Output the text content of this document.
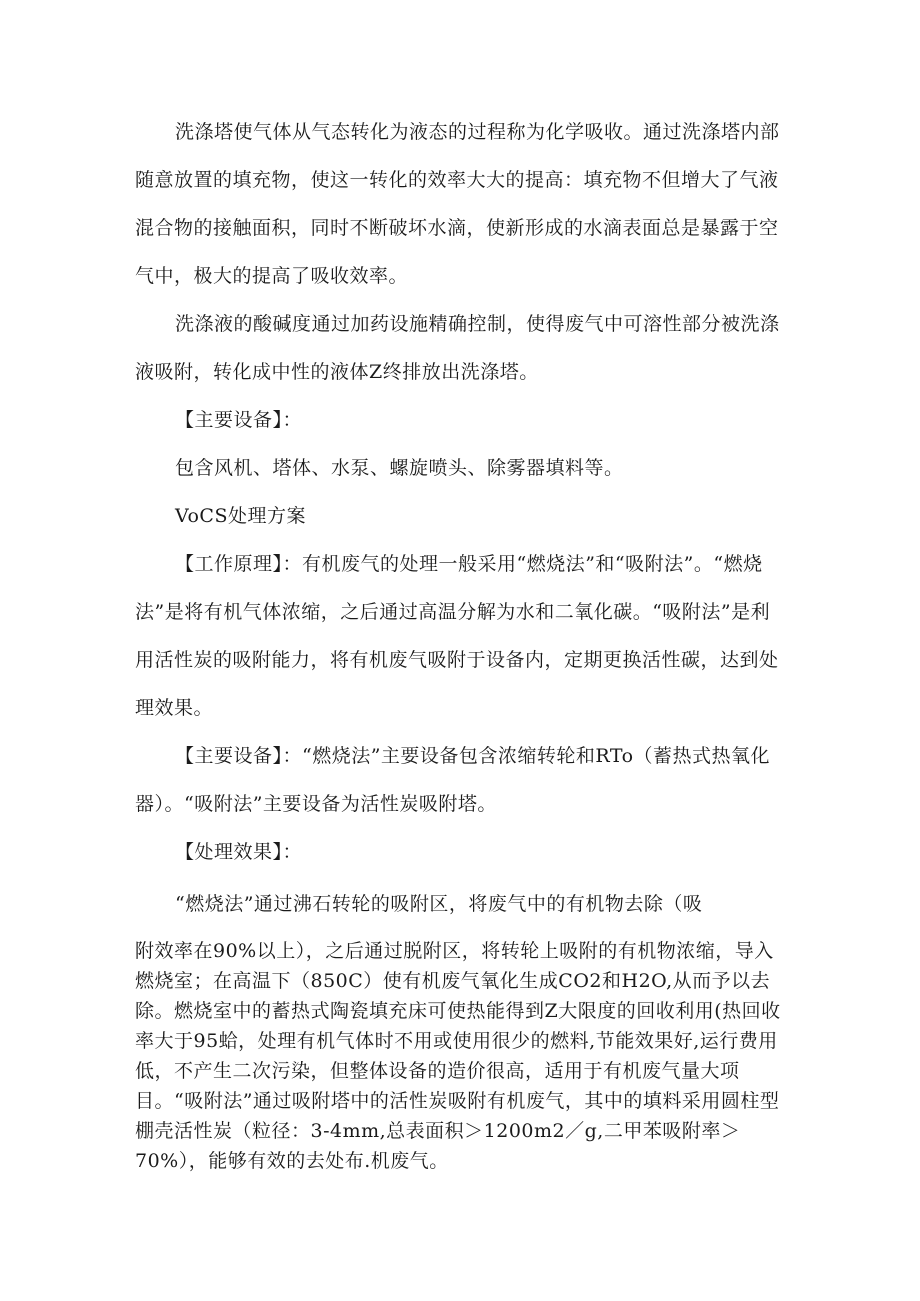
洗涤塔使气体从气态转化为液态的过程称为化学吸收。通过洗涤塔内部随意放置的填充物，使这一转化的效率大大的提高：填充物不但增大了气液混合物的接触面积，同时不断破坏水滴，使新形成的水滴表面总是暴露于空气中，极大的提高了吸收效率。

洗涤液的酸碱度通过加药设施精确控制，使得废气中可溶性部分被洗涤液吸附，转化成中性的液体Z终排放出洗涤塔。

【主要设备】：

包含风机、塔体、水泵、螺旋喷头、除雾器填料等。

VoCS处理方案

【工作原理】：有机废气的处理一般采用“燃烧法”和“吸附法”。“燃烧法”是将有机气体浓缩，之后通过高温分解为水和二氧化碳。“吸附法”是利用活性炭的吸附能力，将有机废气吸附于设备内，定期更换活性碳，达到处理效果。

【主要设备】：“燃烧法”主要设备包含浓缩转轮和RTo（蓄热式热氧化器）。“吸附法”主要设备为活性炭吸附塔。

【处理效果】：

“燃烧法”通过沸石转轮的吸附区，将废气中的有机物去除（吸

附效率在90%以上），之后通过脱附区，将转轮上吸附的有机物浓缩，导入燃烧室；在高温下（850C）使有机废气氧化生成CO2和H2O,从而予以去除。燃烧室中的蓄热式陶瓷填充床可使热能得到Z大限度的回收利用(热回收率大于95蛤，处理有机气体时不用或使用很少的燃料,节能效果好,运行费用低，不产生二次污染，但整体设备的造价很高，适用于有机废气量大项目。“吸附法”通过吸附塔中的活性炭吸附有机废气，其中的填料采用圆柱型棚壳活性炭（粒径：3-4mm,总表面积＞1200m2／g,二甲苯吸附率＞70%），能够有效的去处布.机废气。
